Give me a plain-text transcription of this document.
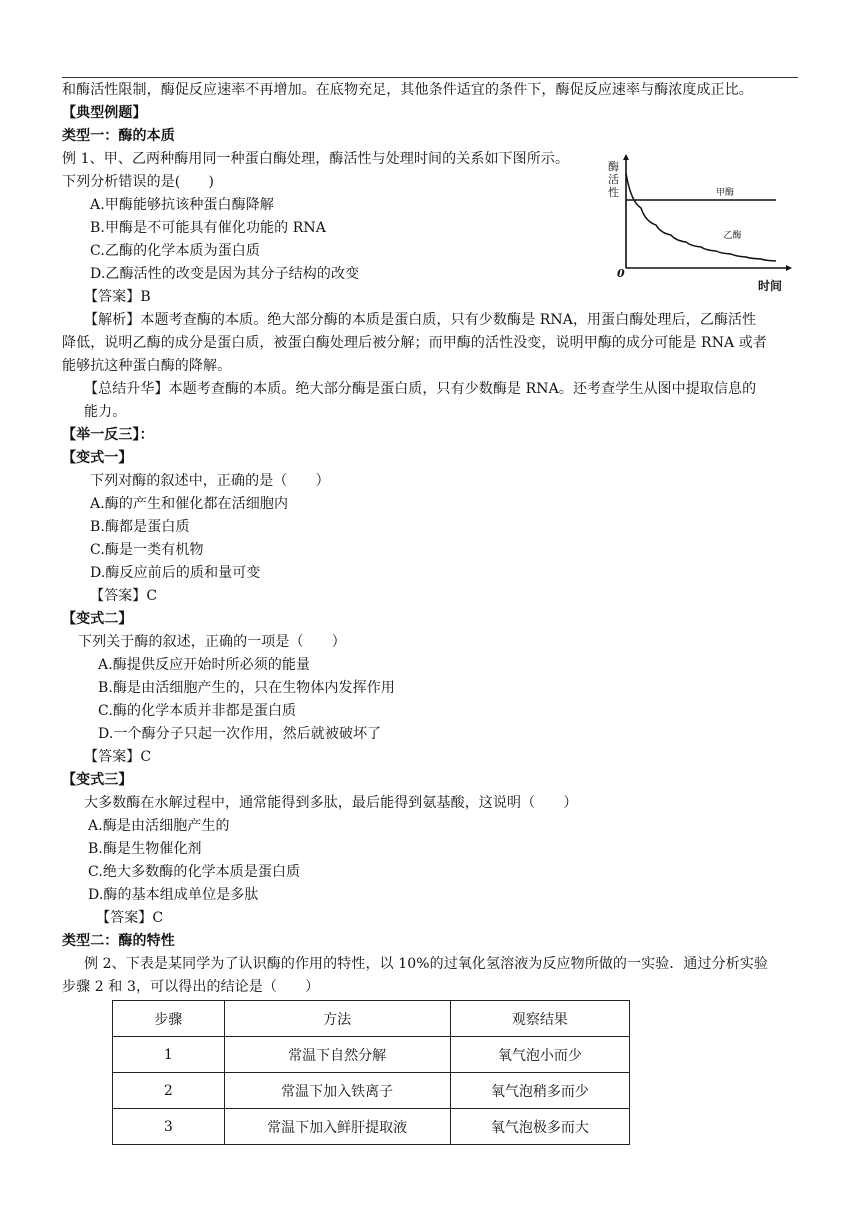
和酶活性限制，酶促反应速率不再增加。在底物充足，其他条件适宜的条件下，酶促反应速率与酶浓度成正比。
【典型例题】
类型一：酶的本质
例 1、甲、乙两种酶用同一种蛋白酶处理，酶活性与处理时间的关系如下图所示。
下列分析错误的是(　　)
A.甲酶能够抗该种蛋白酶降解
B.甲酶是不可能具有催化功能的 RNA
C.乙酶的化学本质为蛋白质
D.乙酶活性的改变是因为其分子结构的改变
【答案】B
【解析】本题考查酶的本质。绝大部分酶的本质是蛋白质，只有少数酶是 RNA，用蛋白酶处理后，乙酶活性
降低，说明乙酶的成分是蛋白质，被蛋白酶处理后被分解；而甲酶的活性没变，说明甲酶的成分可能是 RNA 或者
能够抗这种蛋白酶的降解。
【总结升华】本题考查酶的本质。绝大部分酶是蛋白质，只有少数酶是 RNA。还考查学生从图中提取信息的
能力。
甲酶
乙酶
酶
活
性
时间
0
【举一反三】：
【变式一】
下列对酶的叙述中，正确的是（　　）
A.酶的产生和催化都在活细胞内
B.酶都是蛋白质
C.酶是一类有机物
D.酶反应前后的质和量可变
【答案】C
【变式二】
下列关于酶的叙述，正确的一项是（　　）
A.酶提供反应开始时所必须的能量
B.酶是由活细胞产生的，只在生物体内发挥作用
C.酶的化学本质并非都是蛋白质
D.一个酶分子只起一次作用，然后就被破坏了
【答案】C
【变式三】
大多数酶在水解过程中，通常能得到多肽，最后能得到氨基酸，这说明（　　）
A.酶是由活细胞产生的
B.酶是生物催化剂
C.绝大多数酶的化学本质是蛋白质
D.酶的基本组成单位是多肽
【答案】C
类型二：酶的特性
例 2、下表是某同学为了认识酶的作用的特性，以 10%的过氧化氢溶液为反应物所做的一实验．通过分析实验
步骤 2 和 3，可以得出的结论是（　　）
步骤	方法	观察结果
1	常温下自然分解	氧气泡小而少
2	常温下加入铁离子	氧气泡稍多而少
3	常温下加入鲜肝提取液	氧气泡极多而大
